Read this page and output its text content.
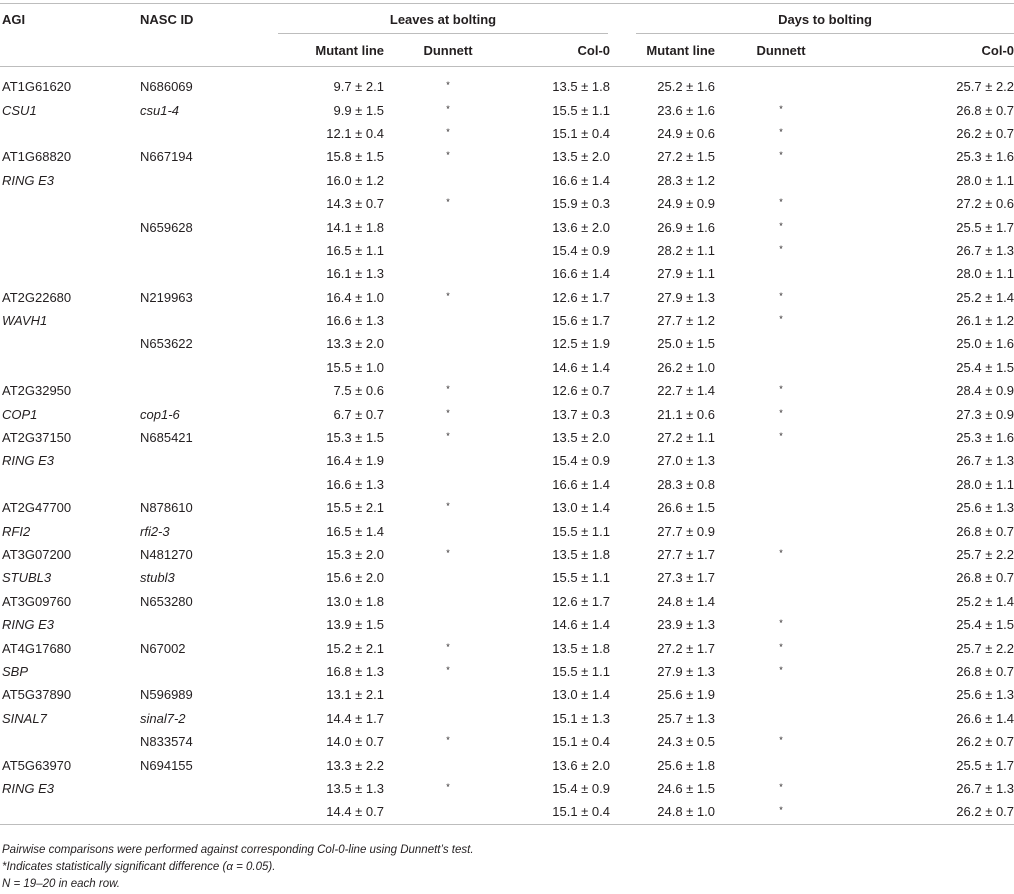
AGI	NASC ID	Leaves at bolting			Days to bolting		

		Mutant line	Dunnett	Col-0	Mutant line	Dunnett	Col-0
AT1G61620	N686069	9.7 ± 2.1	*	13.5 ± 1.8	25.2 ± 1.6		25.7 ± 2.2
CSU1	csu1-4	9.9 ± 1.5	*	15.5 ± 1.1	23.6 ± 1.6	*	26.8 ± 0.7
		12.1 ± 0.4	*	15.1 ± 0.4	24.9 ± 0.6	*	26.2 ± 0.7
AT1G68820	N667194	15.8 ± 1.5	*	13.5 ± 2.0	27.2 ± 1.5	*	25.3 ± 1.6
RING E3		16.0 ± 1.2		16.6 ± 1.4	28.3 ± 1.2		28.0 ± 1.1
		14.3 ± 0.7	*	15.9 ± 0.3	24.9 ± 0.9	*	27.2 ± 0.6
	N659628	14.1 ± 1.8		13.6 ± 2.0	26.9 ± 1.6	*	25.5 ± 1.7
		16.5 ± 1.1		15.4 ± 0.9	28.2 ± 1.1	*	26.7 ± 1.3
		16.1 ± 1.3		16.6 ± 1.4	27.9 ± 1.1		28.0 ± 1.1
AT2G22680	N219963	16.4 ± 1.0	*	12.6 ± 1.7	27.9 ± 1.3	*	25.2 ± 1.4
WAVH1		16.6 ± 1.3		15.6 ± 1.7	27.7 ± 1.2	*	26.1 ± 1.2
	N653622	13.3 ± 2.0		12.5 ± 1.9	25.0 ± 1.5		25.0 ± 1.6
		15.5 ± 1.0		14.6 ± 1.4	26.2 ± 1.0		25.4 ± 1.5
AT2G32950		7.5 ± 0.6	*	12.6 ± 0.7	22.7 ± 1.4	*	28.4 ± 0.9
COP1	cop1-6	6.7 ± 0.7	*	13.7 ± 0.3	21.1 ± 0.6	*	27.3 ± 0.9
AT2G37150	N685421	15.3 ± 1.5	*	13.5 ± 2.0	27.2 ± 1.1	*	25.3 ± 1.6
RING E3		16.4 ± 1.9		15.4 ± 0.9	27.0 ± 1.3		26.7 ± 1.3
		16.6 ± 1.3		16.6 ± 1.4	28.3 ± 0.8		28.0 ± 1.1
AT2G47700	N878610	15.5 ± 2.1	*	13.0 ± 1.4	26.6 ± 1.5		25.6 ± 1.3
RFI2	rfi2-3	16.5 ± 1.4		15.5 ± 1.1	27.7 ± 0.9		26.8 ± 0.7
AT3G07200	N481270	15.3 ± 2.0	*	13.5 ± 1.8	27.7 ± 1.7	*	25.7 ± 2.2
STUBL3	stubl3	15.6 ± 2.0		15.5 ± 1.1	27.3 ± 1.7		26.8 ± 0.7
AT3G09760	N653280	13.0 ± 1.8		12.6 ± 1.7	24.8 ± 1.4		25.2 ± 1.4
RING E3		13.9 ± 1.5		14.6 ± 1.4	23.9 ± 1.3	*	25.4 ± 1.5
AT4G17680	N67002	15.2 ± 2.1	*	13.5 ± 1.8	27.2 ± 1.7	*	25.7 ± 2.2
SBP		16.8 ± 1.3	*	15.5 ± 1.1	27.9 ± 1.3	*	26.8 ± 0.7
AT5G37890	N596989	13.1 ± 2.1		13.0 ± 1.4	25.6 ± 1.9		25.6 ± 1.3
SINAL7	sinal7-2	14.4 ± 1.7		15.1 ± 1.3	25.7 ± 1.3		26.6 ± 1.4
	N833574	14.0 ± 0.7	*	15.1 ± 0.4	24.3 ± 0.5	*	26.2 ± 0.7
AT5G63970	N694155	13.3 ± 2.2		13.6 ± 2.0	25.6 ± 1.8		25.5 ± 1.7
RING E3		13.5 ± 1.3	*	15.4 ± 0.9	24.6 ± 1.5	*	26.7 ± 1.3
		14.4 ± 0.7		15.1 ± 0.4	24.8 ± 1.0	*	26.2 ± 0.7
Pairwise comparisons were performed against corresponding Col-0-line using Dunnett’s test.
*Indicates statistically significant difference (α = 0.05).
N = 19–20 in each row.
